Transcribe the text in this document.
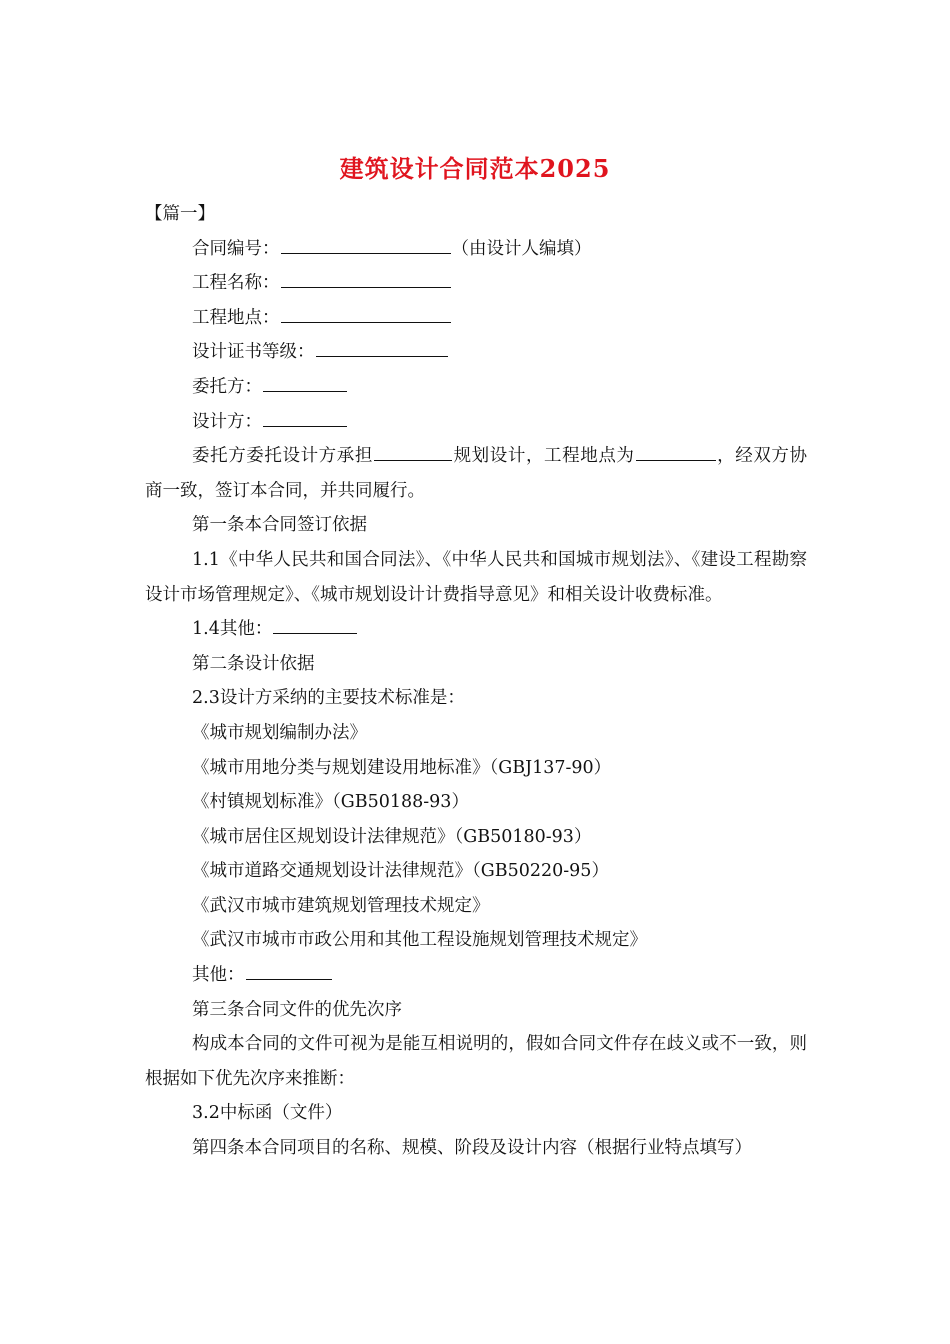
建筑设计合同范本2025
【篇一】
合同编号：	（由设计人编填）
工程名称：
工程地点：
设计证书等级：
委托方：
设计方：
委托方委托设计方承担	规划设计，工程地点为	，经双方协商一致，签订本合同，并共同履行。
第一条本合同签订依据
1.1《中华人民共和国合同法》、《中华人民共和国城市规划法》、《建设工程勘察设计市场管理规定》、《城市规划设计计费指导意见》和相关设计收费标准。
1.4其他：
第二条设计依据
2.3设计方采纳的主要技术标准是：
《城市规划编制办法》
《城市用地分类与规划建设用地标准》（GBJ137-90）
《村镇规划标准》（GB50188-93）
《城市居住区规划设计法律规范》（GB50180-93）
《城市道路交通规划设计法律规范》（GB50220-95）
《武汉市城市建筑规划管理技术规定》
《武汉市城市市政公用和其他工程设施规划管理技术规定》
其他：
第三条合同文件的优先次序
构成本合同的文件可视为是能互相说明的，假如合同文件存在歧义或不一致，则根据如下优先次序来推断：
3.2中标函（文件）
第四条本合同项目的名称、规模、阶段及设计内容（根据行业特点填写）
